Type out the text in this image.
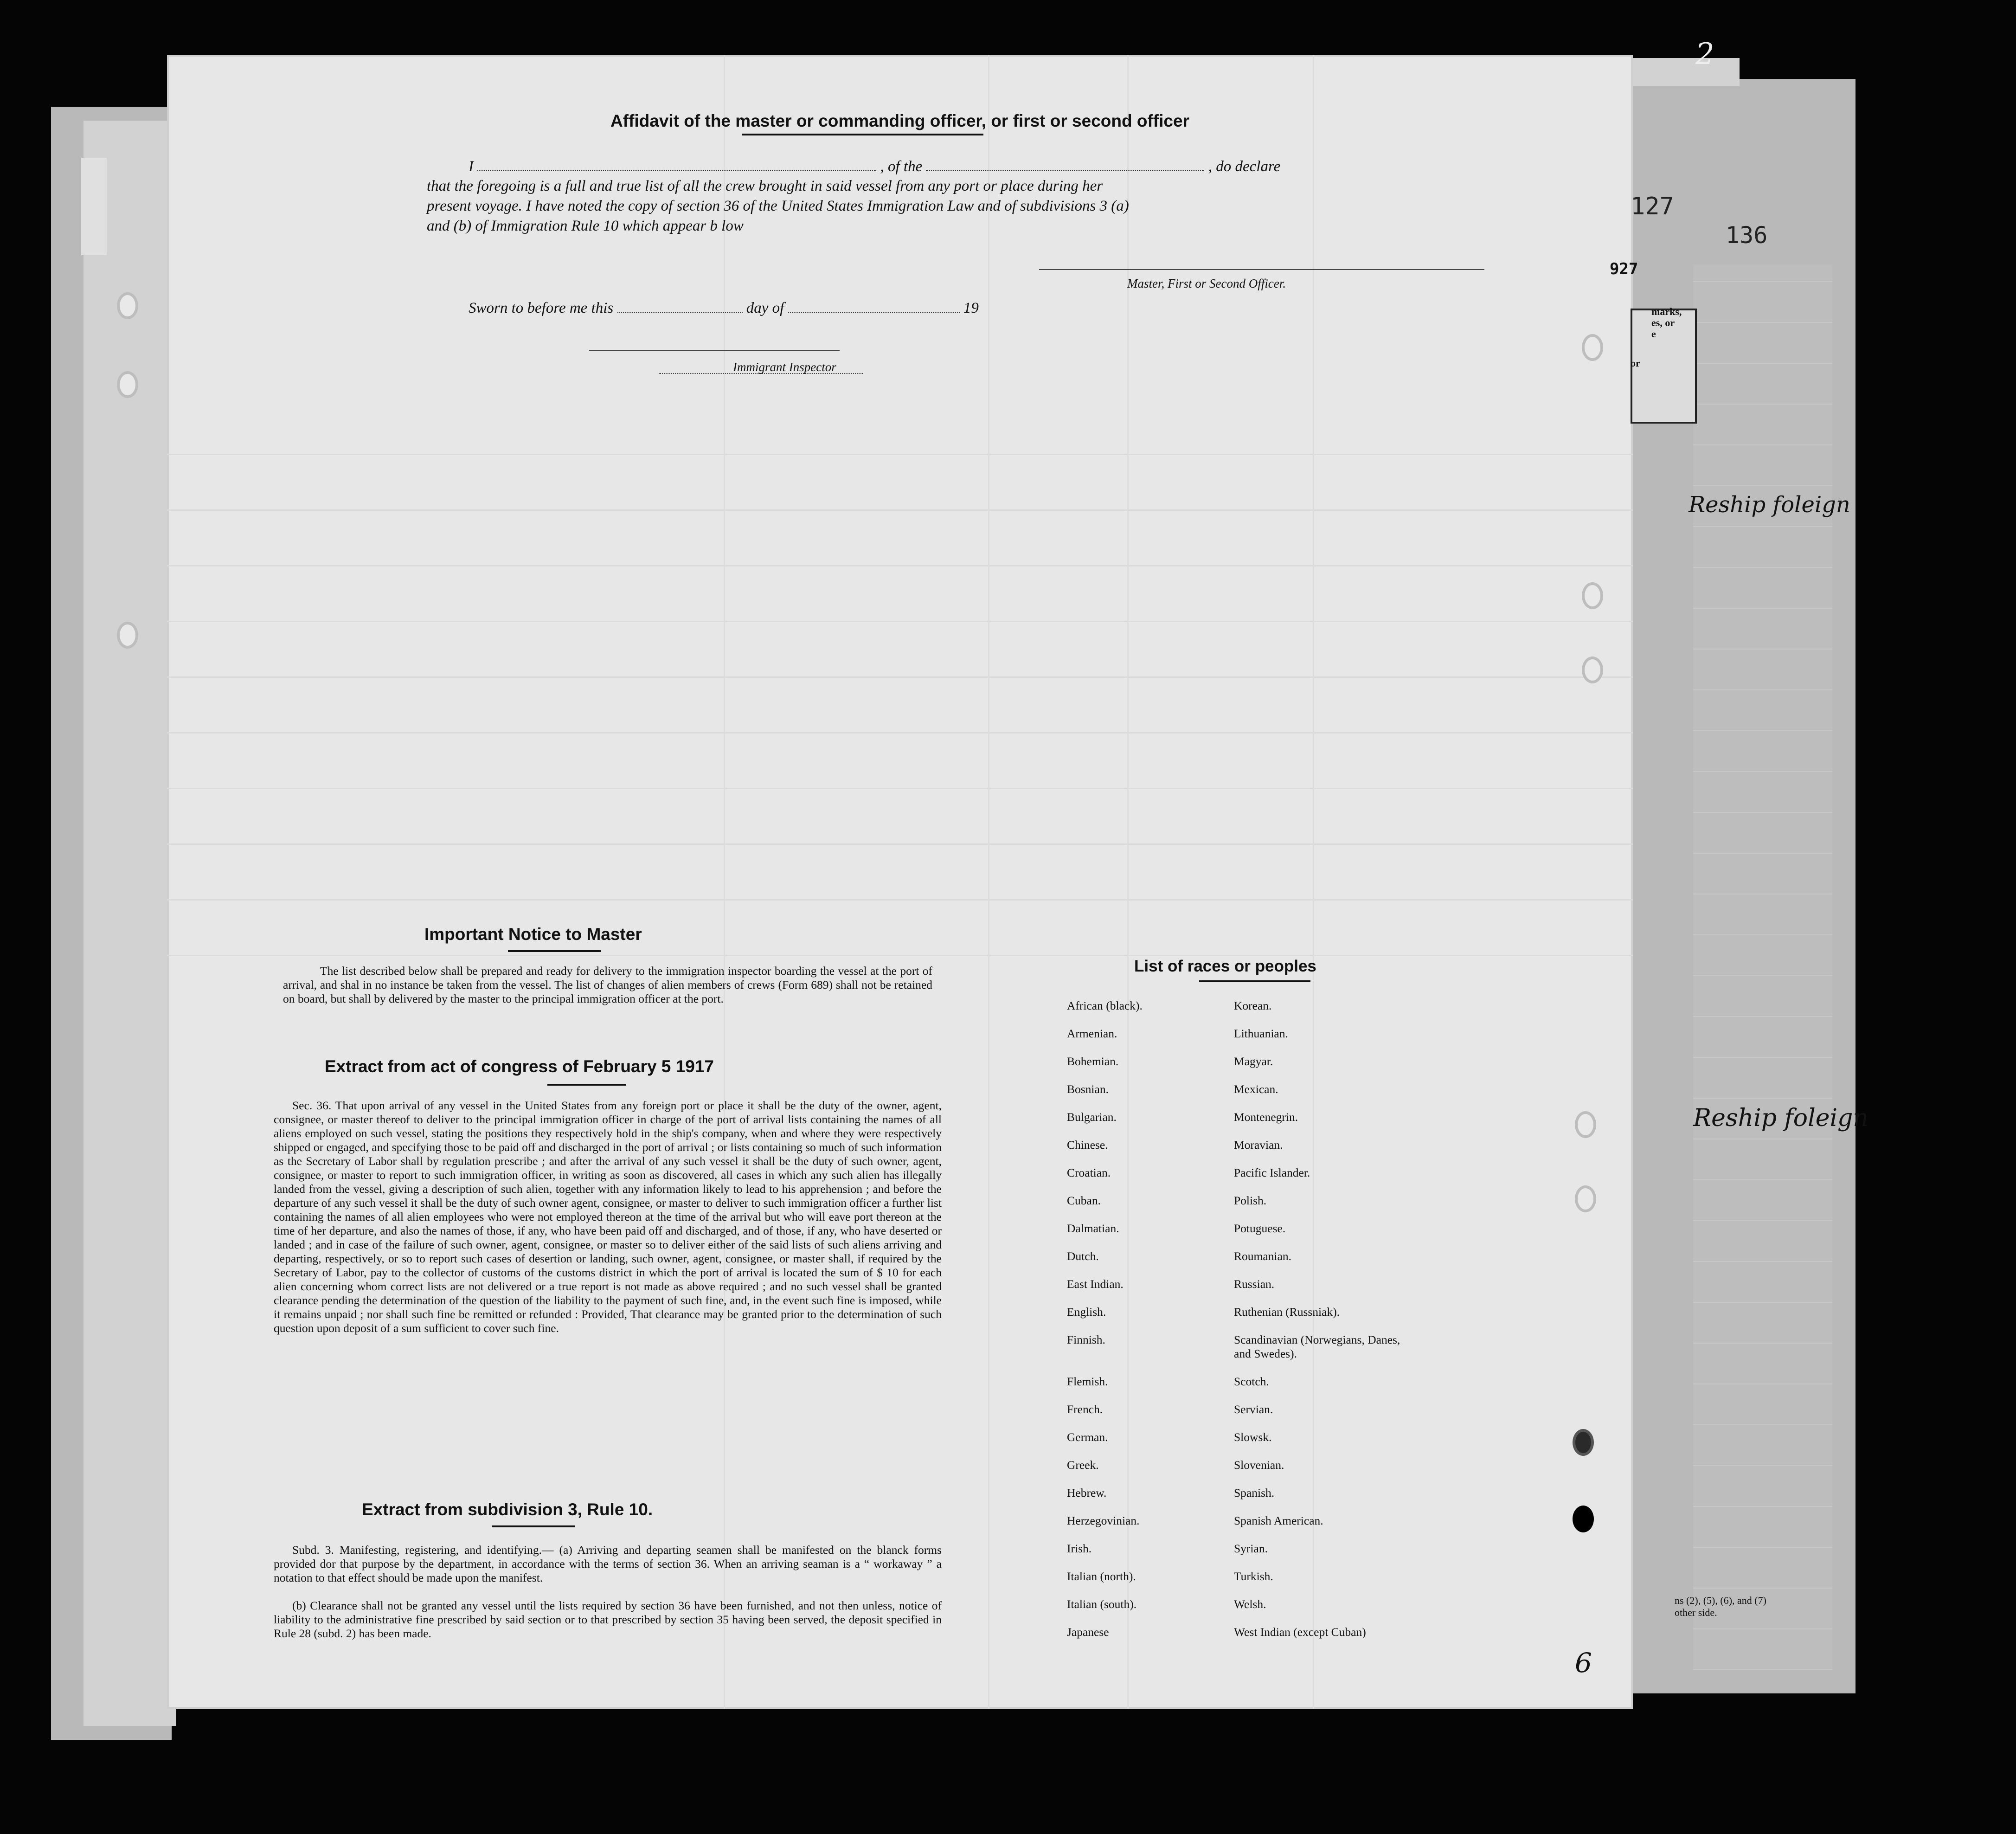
Affidavit of the master or commanding officer, or first or second officer
I	, of the	, do declare
that the foregoing is a full and true list of all the crew brought in said vessel from any port or place during her
present voyage. I have noted the copy of section 36 of the United States Immigration Law and of subdivisions 3 (a)
and (b) of Immigration Rule 10 which appear b low
Master, First or Second Officer.
Sworn to before me this	day of	19
Immigrant Inspector
Important Notice to Master
The list described below shall be prepared and ready for delivery to the immigration inspector boarding the vessel at the port of arrival, and shal in no instance be taken from the vessel. The list of changes of alien members of crews (Form 689) shall not be retained on board, but shall by delivered by the master to the principal immigration officer at the port.
Extract from act of congress of February 5 1917
Sec. 36. That upon arrival of any vessel in the United States from any foreign port or place it shall be the duty of the owner, agent, consignee, or master thereof to deliver to the principal immigration officer in charge of the port of arrival lists containing the names of all aliens employed on such vessel, stating the positions they respectively hold in the ship's company, when and where they were respectively shipped or engaged, and specifying those to be paid off and discharged in the port of arrival ; or lists containing so much of such information as the Secretary of Labor shall by regulation prescribe ; and after the arrival of any such vessel it shall be the duty of such owner, agent, consignee, or master to report to such immigration officer, in writing as soon as discovered, all cases in which any such alien has illegally landed from the vessel, giving a description of such alien, together with any information likely to lead to his apprehension ; and before the departure of any such vessel it shall be the duty of such owner agent, consignee, or master to deliver to such immigration officer a further list containing the names of all alien employees who were not employed thereon at the time of the arrival but who will eave port thereon at the time of her departure, and also the names of those, if any, who have been paid off and discharged, and of those, if any, who have deserted or landed ; and in case of the failure of such owner, agent, consignee, or master so to deliver either of the said lists of such aliens arriving and departing, respectively, or so to report such cases of desertion or landing, such owner, agent, consignee, or master shall, if required by the Secretary of Labor, pay to the collector of customs of the customs district in which the port of arrival is located the sum of $ 10 for each alien concerning whom correct lists are not delivered or a true report is not made as above required ; and no such vessel shall be granted clearance pending the determination of the question of the liability to the payment of such fine, and, in the event such fine is imposed, while it remains unpaid ; nor shall such fine be remitted or refunded : Provided, That clearance may be granted prior to the determination of such question upon deposit of a sum sufficient to cover such fine.
Extract from subdivision 3, Rule 10.
Subd. 3. Manifesting, registering, and identifying.— (a) Arriving and departing seamen shall be manifested on the blanck forms provided dor that purpose by the department, in accordance with the terms of section 36. When an arriving seaman is a “ workaway ” a notation to that effect should be made upon the manifest.
(b) Clearance shall not be granted any vessel until the lists required by section 36 have been furnished, and not then unless, notice of liability to the administrative fine prescribed by said section or to that prescribed by section 35 having been served, the deposit specified in Rule 28 (subd. 2) has been made.
List of races or peoples
African (black).
Armenian.
Bohemian.
Bosnian.
Bulgarian.
Chinese.
Croatian.
Cuban.
Dalmatian.
Dutch.
East Indian.
English.
Finnish.
Flemish.
French.
German.
Greek.
Hebrew.
Herzegovinian.
Irish.
Italian (north).
Italian (south).
Japanese
Korean.
Lithuanian.
Magyar.
Mexican.
Montenegrin.
Moravian.
Pacific Islander.
Polish.
Potuguese.
Roumanian.
Russian.
Ruthenian (Russniak).
Scandinavian (Norwegians, Danes, and Swedes).
Scotch.
Servian.
Slowsk.
Slovenian.
Spanish.
Spanish American.
Syrian.
Turkish.
Welsh.
West Indian (except Cuban)
127
136
927
2
6
marks,
es, or
e
or
ns (2), (5), (6), and (7)
other side.
Reship foleign
Reship foleign
